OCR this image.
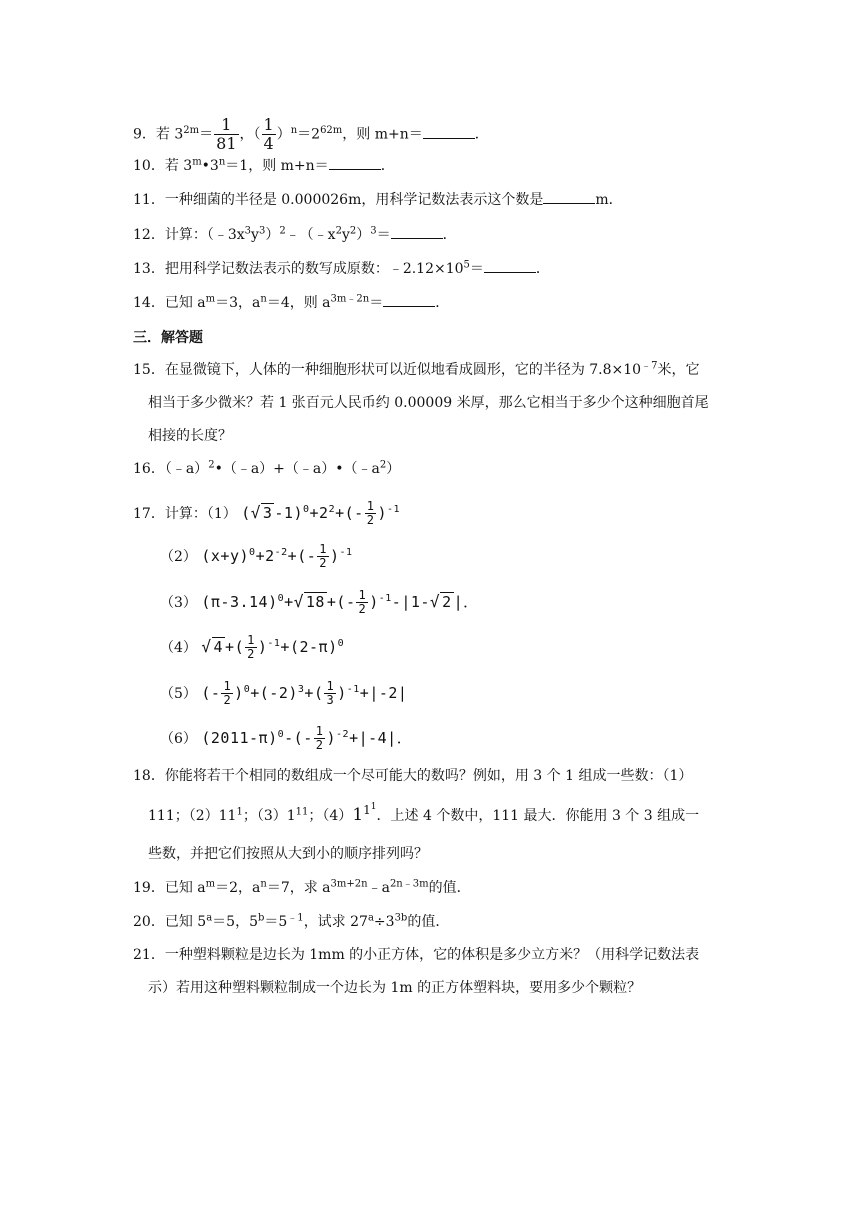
9．若 $3^{2m}= \frac{1}{81}$ ，（ $\frac{1}{4} )^n=2^{62m}$，则 m+n＝	．
10．若 $3^m•3^n=1$，则 m+n＝	．
11．一种细菌的半径是 0.000026m，用科学记数法表示这个数是	m．
12．计算：$(﹣3x^3y^3)^2﹣(﹣x^2y^2)^3=$	．
13．把用科学记数法表示的数写成原数：$﹣2.12\times 10^5=$	．
14．已知 $a^m=3$，$a^n=4$，则 $a^{3m﹣2n}=$	．
三．解答题
15．在显微镜下，人体的一种细胞形状可以近似地看成圆形，它的半径为 $7.8\times 10^{﹣7}$米，它
相当于多少微米？若 1 张百元人民币约 0.00009 米厚，那么它相当于多少个这种细胞首尾
相接的长度？
16．$(﹣a)^2•(﹣a)+(﹣a)•(﹣a^2)$
17．计算：（1） (√ 3 $-1)^0+2^2+(- \frac{1}{2} )^{-1}$
（2） $(x+y)^0+2^{-2}+(- \frac{1}{2} )^{-1}$
（3） $(\pi-3.14)^0+√$ 18 +(- $\frac{1}{2} )^{-1}-|1-√$ 2 |．
（4） √ 4 +( $\frac{1}{2} )^{-1}+(2-\pi)^0$
（5） (- $\frac{1}{2} )^0+(-2)^3+( \frac{1}{3} )^{-1}+|-2|$
（6） $(2011-\pi)^0-(- \frac{1}{2} )^{-2}+|-4|$．
18．你能将若干个相同的数组成一个尽可能大的数吗？例如，用 3 个 1 组成一些数：（1）
111；$(2)11^1$；$(3)1^{11}$；$(4)1^{1^1}$．上述 4 个数中，111 最大．你能用 3 个 3 组成一
些数，并把它们按照从大到小的顺序排列吗？
19．已知 $a^m=2$，$a^n=7$，求 $a^{3m+2n}﹣a^{2n﹣3m}$的值．
20．已知 $5^a=5$，$5^b=5^{﹣1}$，试求 $27^a\div 3^{3b}$的值．
21．一种塑料颗粒是边长为 1mm 的小正方体，它的体积是多少立方米？（用科学记数法表
示）若用这种塑料颗粒制成一个边长为 1m 的正方体塑料块，要用多少个颗粒？
